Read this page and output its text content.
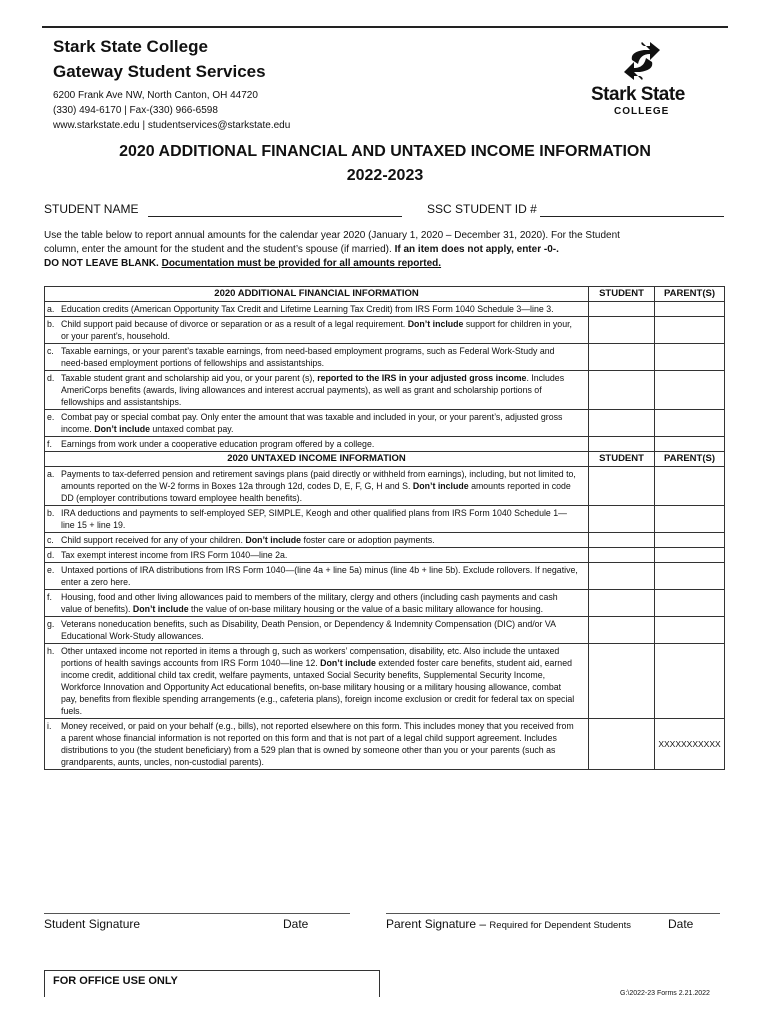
Stark State College
Gateway Student Services
6200 Frank Ave NW, North Canton, OH 44720
(330) 494-6170 | Fax-(330) 966-6598
www.starkstate.edu | studentservices@starkstate.edu
Stark State
COLLEGE
2020 ADDITIONAL FINANCIAL AND UNTAXED INCOME INFORMATION
2022-2023
STUDENT NAME	SSC STUDENT ID #
Use the table below to report annual amounts for the calendar year 2020 (January 1, 2020 – December 31, 2020). For the Student
column, enter the amount for the student and the student’s spouse (if married). If an item does not apply, enter -0-.
DO NOT LEAVE BLANK. Documentation must be provided for all amounts reported.
2020 ADDITIONAL FINANCIAL INFORMATION	STUDENT	PARENT(S)
a. Education credits (American Opportunity Tax Credit and Lifetime Learning Tax Credit) from IRS Form 1040 Schedule 3—line 3.		
b. Child support paid because of divorce or separation or as a result of a legal requirement. Don’t include support for children in your, or your parent’s, household.		
c. Taxable earnings, or your parent’s taxable earnings, from need-based employment programs, such as Federal Work-Study and need-based employment portions of fellowships and assistantships.		
d. Taxable student grant and scholarship aid you, or your parent (s), reported to the IRS in your adjusted gross income. Includes AmeriCorps benefits (awards, living allowances and interest accrual payments), as well as grant and scholarship portions of fellowships and assistantships.		
e. Combat pay or special combat pay. Only enter the amount that was taxable and included in your, or your parent’s, adjusted gross income. Don’t include untaxed combat pay.		
f. Earnings from work under a cooperative education program offered by a college.		
2020 UNTAXED INCOME INFORMATION	STUDENT	PARENT(S)
a. Payments to tax-deferred pension and retirement savings plans (paid directly or withheld from earnings), including, but not limited to, amounts reported on the W-2 forms in Boxes 12a through 12d, codes D, E, F, G, H and S. Don’t include amounts reported in code DD (employer contributions toward employee health benefits).		
b. IRA deductions and payments to self-employed SEP, SIMPLE, Keogh and other qualified plans from IRS Form 1040 Schedule 1—line 15 + line 19.		
c. Child support received for any of your children. Don’t include foster care or adoption payments.		
d. Tax exempt interest income from IRS Form 1040—line 2a.		
e. Untaxed portions of IRA distributions from IRS Form 1040—(line 4a + line 5a) minus (line 4b + line 5b). Exclude rollovers. If negative, enter a zero here.		
f. Housing, food and other living allowances paid to members of the military, clergy and others (including cash payments and cash value of benefits). Don’t include the value of on-base military housing or the value of a basic military allowance for housing.		
g. Veterans noneducation benefits, such as Disability, Death Pension, or Dependency & Indemnity Compensation (DIC) and/or VA Educational Work-Study allowances.		
h. Other untaxed income not reported in items a through g, such as workers’ compensation, disability, etc. Also include the untaxed portions of health savings accounts from IRS Form 1040—line 12. Don’t include extended foster care benefits, student aid, earned income credit, additional child tax credit, welfare payments, untaxed Social Security benefits, Supplemental Security Income, Workforce Innovation and Opportunity Act educational benefits, on-base military housing or a military housing allowance, combat pay, benefits from flexible spending arrangements (e.g., cafeteria plans), foreign income exclusion or credit for federal tax on special fuels.		
i. Money received, or paid on your behalf (e.g., bills), not reported elsewhere on this form. This includes money that you received from a parent whose financial information is not reported on this form and that is not part of a legal child support agreement. Includes distributions to you (the student beneficiary) from a 529 plan that is owned by someone other than you or your parents (such as grandparents, aunts, uncles, non-custodial parents).		XXXXXXXXXXX
Student Signature	Date	Parent Signature – Required for Dependent Students	Date
FOR OFFICE USE ONLY
G:\2022-23 Forms 2.21.2022
